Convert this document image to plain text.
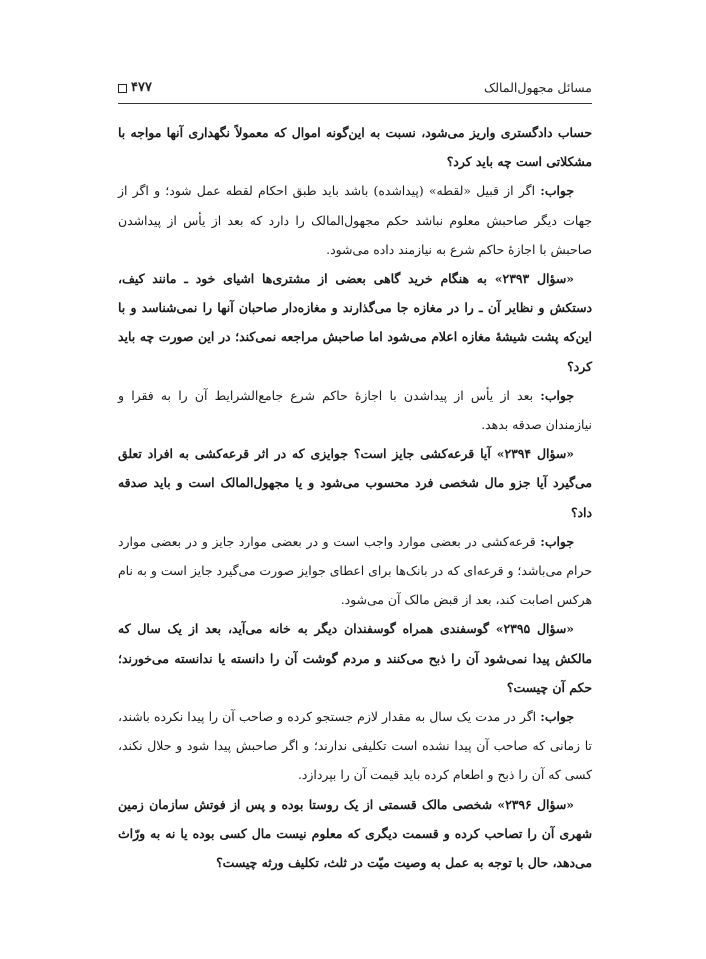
مسائل مجهول‌المالک
۴۷۷

حساب دادگستری واریز می‌شود، نسبت به این‌گونه اموال که معمولاً نگهداری آنها مواجه با مشکلاتی است چه باید کرد؟

جواب: اگر از قبیل «لقطه» (پیداشده) باشد باید طبق احکام لقطه عمل شود؛ و اگر از جهات دیگر صاحبش معلوم نباشد حکم مجهول‌المالک را دارد که بعد از یأس از پیداشدن صاحبش با اجازهٔ حاکم شرع به نیازمند داده می‌شود.

«سؤال ۲۳۹۳» به هنگام خرید گاهی بعضی از مشتری‌ها اشیای خود ـ مانند کیف، دستکش و نظایر آن ـ را در مغازه جا می‌گذارند و مغازه‌دار صاحبان آنها را نمی‌شناسد و با این‌که پشت شیشهٔ مغازه اعلام می‌شود اما صاحبش مراجعه نمی‌کند؛ در این صورت چه باید کرد؟

جواب: بعد از یأس از پیداشدن با اجازهٔ حاکم شرع جامع‌الشرایط آن را به فقرا و نیازمندان صدقه بدهد.

«سؤال ۲۳۹۴» آیا قرعه‌کشی جایز است؟ جوایزی که در اثر قرعه‌کشی به افراد تعلق می‌گیرد آیا جزو مال شخصی فرد محسوب می‌شود و یا مجهول‌المالک است و باید صدقه داد؟

جواب: قرعه‌کشی در بعضی موارد واجب است و در بعضی موارد جایز و در بعضی موارد حرام می‌باشد؛ و قرعه‌ای که در بانک‌ها برای اعطای جوایز صورت می‌گیرد جایز است و به نام هرکس اصابت کند، بعد از قبض مالک آن می‌شود.

«سؤال ۲۳۹۵» گوسفندی همراه گوسفندان دیگر به خانه می‌آید، بعد از یک سال که مالکش پیدا نمی‌شود آن را ذبح می‌کنند و مردم گوشت آن را دانسته یا ندانسته می‌خورند؛ حکم آن چیست؟

جواب: اگر در مدت یک سال به مقدار لازم جستجو کرده و صاحب آن را پیدا نکرده باشند، تا زمانی که صاحب آن پیدا نشده است تکلیفی ندارند؛ و اگر صاحبش پیدا شود و حلال نکند، کسی که آن را ذبح و اطعام کرده باید قیمت آن را بپردازد.

«سؤال ۲۳۹۶» شخصی مالک قسمتی از یک روستا بوده و پس از فوتش سازمان زمین شهری آن را تصاحب کرده و قسمت دیگری که معلوم نیست مال کسی بوده یا نه به ورّاث می‌دهد، حال با توجه به عمل به وصیت میّت در ثلث، تکلیف ورثه چیست؟
